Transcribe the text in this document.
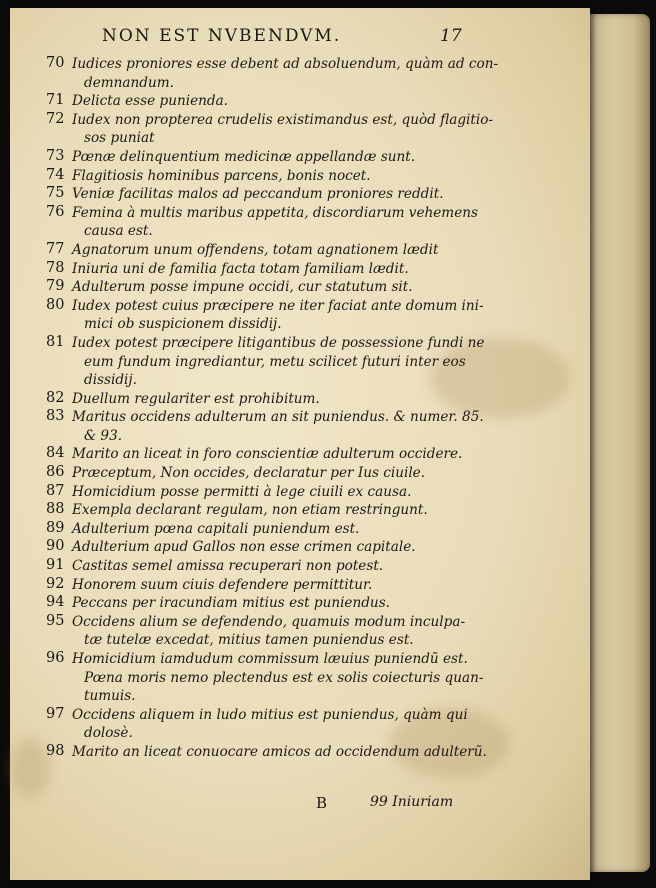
NON EST NVBENDVM.	17
70 Iudices proniores esse debent ad absoluendum, quàm ad con-
demnandum.
71 Delicta esse punienda.
72 Iudex non propterea crudelis existimandus est, quòd flagitio-
sos puniat
73 Pœnæ delinquentium medicinæ appellandæ sunt.
74 Flagitiosis hominibus parcens, bonis nocet.
75 Veniæ facilitas malos ad peccandum proniores reddit.
76 Femina à multis maribus appetita, discordiarum vehemens
causa est.
77 Agnatorum unum offendens, totam agnationem lædit
78 Iniuria uni de familia facta totam familiam lædit.
79 Adulterum posse impune occidi, cur statutum sit.
80 Iudex potest cuius præcipere ne iter faciat ante domum ini-
mici ob suspicionem dissidij.
81 Iudex potest præcipere litigantibus de possessione fundi ne
eum fundum ingrediantur, metu scilicet futuri inter eos
dissidij.
82 Duellum regulariter est prohibitum.
83 Maritus occidens adulterum an sit puniendus. & numer. 85.
& 93.
84 Marito an liceat in foro conscientiæ adulterum occidere.
86 Præceptum, Non occides, declaratur per Ius ciuile.
87 Homicidium posse permitti à lege ciuili ex causa.
88 Exempla declarant regulam, non etiam restringunt.
89 Adulterium pœna capitali puniendum est.
90 Adulterium apud Gallos non esse crimen capitale.
91 Castitas semel amissa recuperari non potest.
92 Honorem suum ciuis defendere permittitur.
94 Peccans per iracundiam mitius est puniendus.
95 Occidens alium se defendendo, quamuis modum inculpa-
tæ tutelæ excedat, mitius tamen puniendus est.
96 Homicidium iamdudum commissum læuius puniendũ est.
Pœna moris nemo plectendus est ex solis coiecturis quan-
tumuis.
97 Occidens aliquem in ludo mitius est puniendus, quàm qui
dolosè.
98 Marito an liceat conuocare amicos ad occidendum adulterũ.
B	99 Iniuriam
